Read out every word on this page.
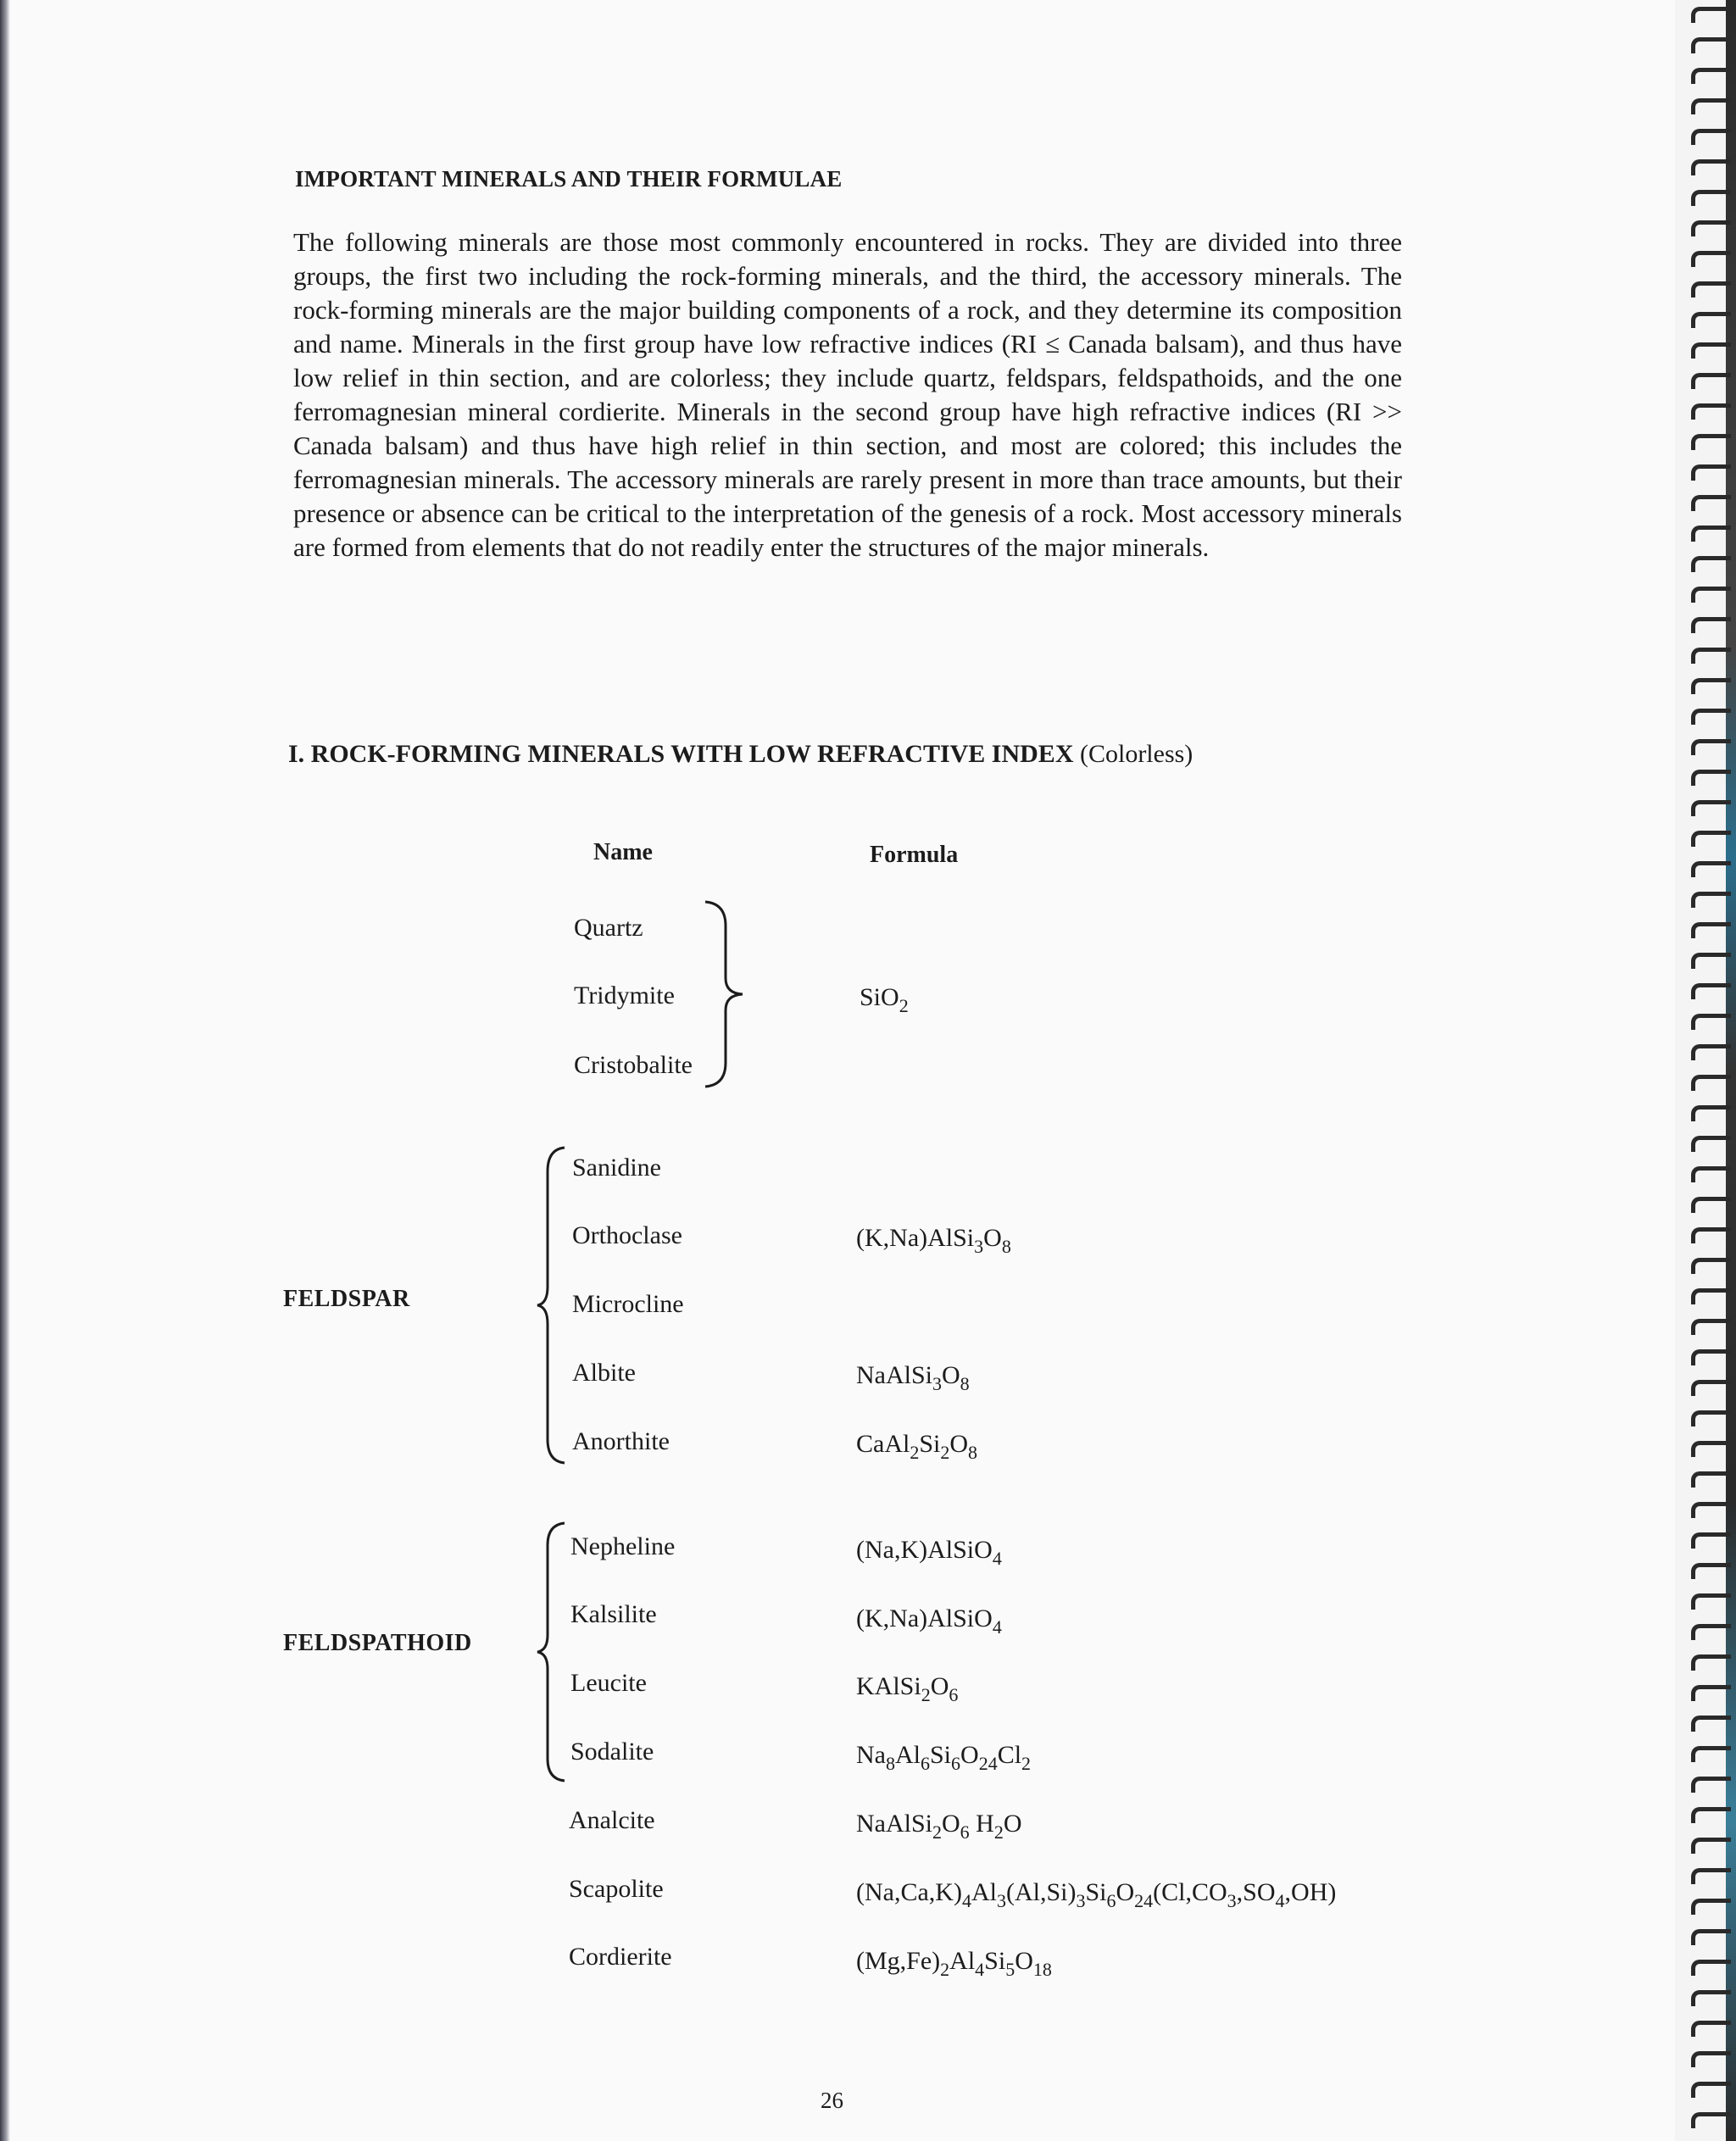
IMPORTANT MINERALS AND THEIR FORMULAE

The following minerals are those most commonly encountered in rocks. They are divided into three groups, the first two including the rock-forming minerals, and the third, the accessory minerals. The rock-forming minerals are the major building components of a rock, and they determine its composition and name. Minerals in the first group have low refractive indices (RI ≤ Canada balsam), and thus have low relief in thin section, and are colorless; they include quartz, feldspars, feldspathoids, and the one ferromagnesian mineral cordierite. Minerals in the second group have high refractive indices (RI >> Canada balsam) and thus have high relief in thin section, and most are colored; this includes the ferromagnesian minerals. The accessory minerals are rarely present in more than trace amounts, but their presence or absence can be critical to the interpretation of the genesis of a rock. Most accessory minerals are formed from elements that do not readily enter the structures of the major minerals.

I. ROCK-FORMING MINERALS WITH LOW REFRACTIVE INDEX (Colorless)
Name	Formula
FELDSPAR
FELDSPATHOID
Quartz
Tridymite
Cristobalite
Sanidine
Orthoclase
Microcline
Albite
Anorthite
Nepheline
Kalsilite
Leucite
Sodalite
Analcite
Scapolite
Cordierite
SiO$_2$
$(K,Na)AlSi_3O_8$
$NaAlSi_3O_8$
$CaAl_2Si_2O_8$
(Na,K)AlSiO$_4$
(K,Na)AlSiO$_4$
$KAlSi_2O_6$
$Na_8Al_6Si_6O_{24}Cl_2$
$NaAlSi_2O_6$ $H_2O$
$(Na,Ca,K)_4Al_3(Al,Si)_3Si_6O_{24}(Cl,CO_3,SO_4,OH)$
$(Mg,Fe)_2Al_4Si_5O_{18}$
26
